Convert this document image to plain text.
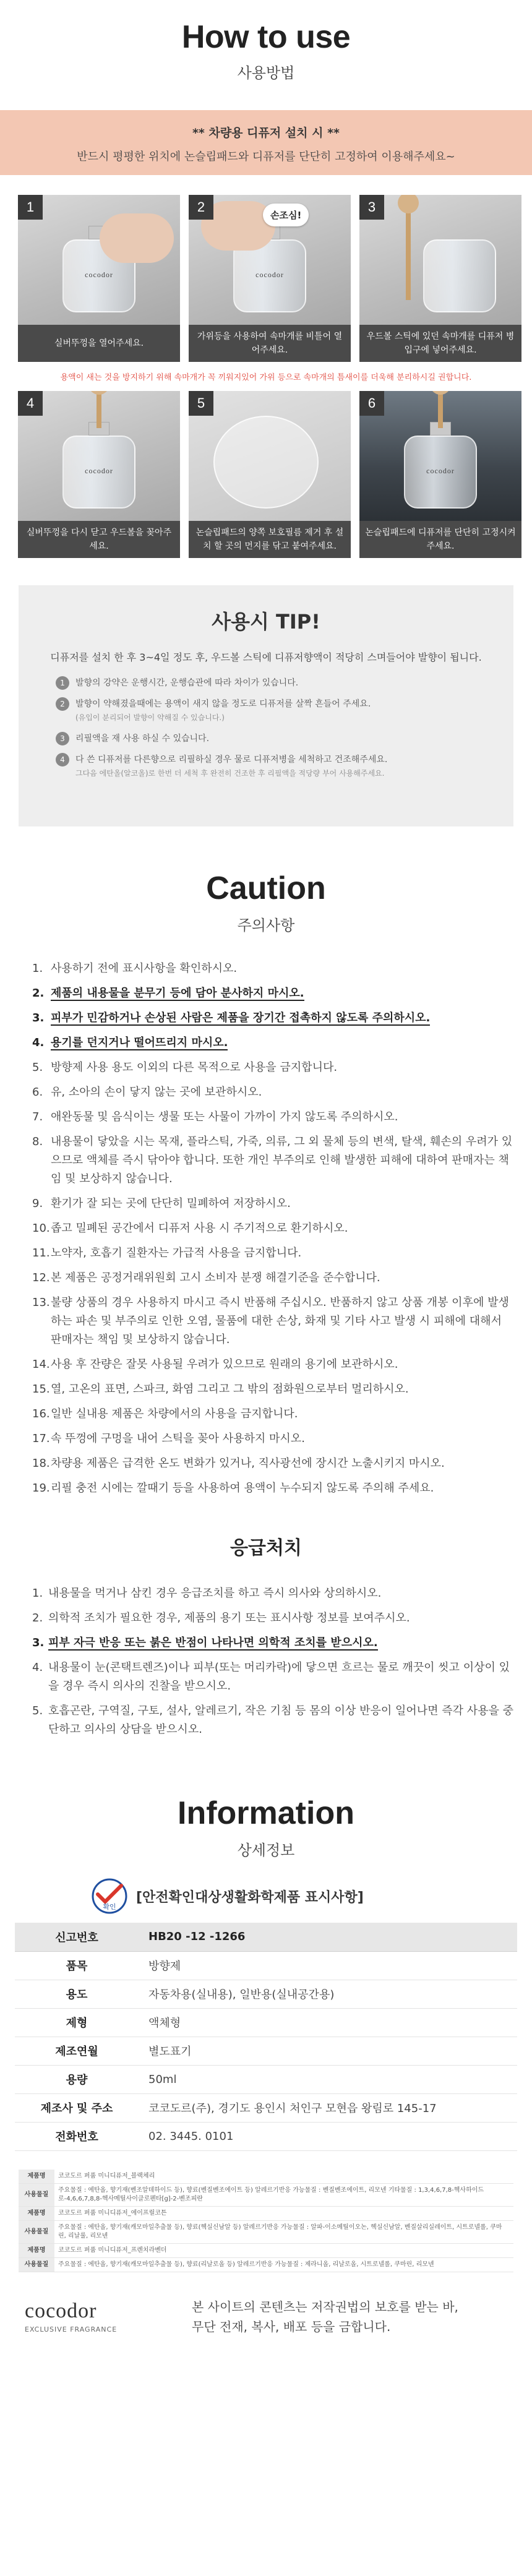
How to use
사용방법
** 차량용 디퓨저 설치 시 **
반드시 평평한 위치에 논슬립패드와 디퓨저를 단단히 고정하여 이용해주세요~
cocodor
1
실버뚜껑을 열어주세요.
cocodor
손조심!
2
가위등을 사용하여 속마개를 비틀어 열어주세요.
3
우드볼 스틱에 있던 속마개를 디퓨저 병 입구에 넣어주세요.
용액이 새는 것을 방지하기 위해 속마개가 꼭 끼워지있어 가위 등으로 속마개의 틈새이를 더욱해 분리하시길 권합니다.
cocodor
4
실버뚜껑을 다시 닫고 우드볼을 꽂아주세요.
5
논슬립패드의 양쪽 보호필름 제거 후 설치 할 곳의 먼지를 닦고 붙여주세요.
cocodor
6
논슬립패드에 디퓨저를 단단히 고정시켜주세요.
사용시 TIP!

디퓨저를 설치 한 후 3~4일 정도 후, 우드볼 스틱에 디퓨저향액이 적당히 스며들어야 발향이 됩니다.

1	발향의 강약은 운행시간, 운행습관에 따라 차이가 있습니다.
2	발향이 약해졌을때에는 용액이 새지 않을 정도로 디퓨저를 살짝 흔들어 주세요.
(유입이 분리되어 발향이 약해질 수 있습니다.)
3	리필액을 재 사용 하실 수 있습니다.
4	다 쓴 디퓨저를 다른향으로 리필하실 경우 물로 디퓨저병을 세척하고 건조해주세요.
그다음 에탄올(알코올)로 한번 더 세척 후 완전히 건조한 후 리필액을 적당량 부어 사용해주세요.
Caution
주의사항
1. 사용하기 전에 표시사항을 확인하시오.
2. 제품의 내용물을 분무기 등에 담아 분사하지 마시오.
3. 피부가 민감하거나 손상된 사람은 제품을 장기간 접촉하지 않도록 주의하시오.
4. 용기를 던지거나 떨어뜨리지 마시오.
5. 방향제 사용 용도 이외의 다른 목적으로 사용을 금지합니다.
6. 유, 소아의 손이 닿지 않는 곳에 보관하시오.
7. 애완동물 및 음식이는 생물 또는 사물이 가까이 가지 않도록 주의하시오.
8. 내용물이 닿았을 시는 목재, 플라스틱, 가죽, 의류, 그 외 물체 등의 변색, 탈색, 훼손의 우려가 있으므로 액체를 즉시 닦아야 합니다. 또한 개인 부주의로 인해 발생한 피해에 대하여 판매자는 책임 및 보상하지 않습니다.
9. 환기가 잘 되는 곳에 단단히 밀폐하여 저장하시오.
10. 좁고 밀폐된 공간에서 디퓨저 사용 시 주기적으로 환기하시오.
11. 노약자, 호흡기 질환자는 가급적 사용을 금지합니다.
12. 본 제품은 공정거래위원회 고시 소비자 분쟁 해결기준을 준수합니다.
13. 불량 상품의 경우 사용하지 마시고 즉시 반품해 주십시오. 반품하지 않고 상품 개봉 이후에 발생하는 파손 및 부주의로 인한 오염, 물품에 대한 손상, 화재 및 기타 사고 발생 시 피해에 대해서 판매자는 책임 및 보상하지 않습니다.
14. 사용 후 잔량은 잘못 사용될 우려가 있으므로 원래의 용기에 보관하시오.
15. 열, 고온의 표면, 스파크, 화염 그리고 그 밖의 점화원으로부터 멀리하시오.
16. 일반 실내용 제품은 차량에서의 사용을 금지합니다.
17. 속 뚜껑에 구멍을 내어 스틱을 꽂아 사용하지 마시오.
18. 차량용 제품은 급격한 온도 변화가 있거나, 직사광선에 장시간 노출시키지 마시오.
19. 리필 충전 시에는 깔때기 등을 사용하여 용액이 누수되지 않도록 주의해 주세요.
응급처치
1. 내용물을 먹거나 삼킨 경우 응급조치를 하고 즉시 의사와 상의하시오.
2. 의학적 조치가 필요한 경우, 제품의 용기 또는 표시사항 정보를 보여주시오.
3. 피부 자극 반응 또는 붉은 반점이 나타나면 의학적 조치를 받으시오.
4. 내용물이 눈(콘택트렌즈)이나 피부(또는 머리카락)에 닿으면 흐르는 물로 깨끗이 씻고 이상이 있을 경우 즉시 의사의 진찰을 받으시오.
5. 호흡곤란, 구역질, 구토, 설사, 알레르기, 작은 기침 등 몸의 이상 반응이 일어나면 즉각 사용을 중단하고 의사의 상담을 받으시오.
Information
상세정보
확인
[안전확인대상생활화학제품 표시사항]
신고번호	HB20 -12 -1266
품목	방향제
용도	자동차용(실내용), 일반용(실내공간용)
제형	액체형
제조연월	별도표기
용량	50ml
제조사 및 주소	코코도르(주), 경기도 용인시 처인구 모현읍 왕림로 145-17
전화번호	02. 3445. 0101
제품명	코코도르 퍼퓸 미니디퓨저_블랙체리
사용물질	주요물질 : 에탄올, 향기재(벤조알데하이드 등), 향료(벤질벤조에이트 등) 알레르기반응 가능물질 : 벤질벤조에이트, 리모넨 기타물질 : 1,3,4,6,7,8-헥사하이드로-4,6,6,7,8,8-헥사메틸사이클로펜타[g]-2-벤조피란
제품명	코코도르 퍼퓸 미니디퓨저_에이프릴코튼
사용물질	주요물질 : 에탄올, 향기재(캐모마일추출물 등), 향료(헥실신남알 등) 알레르기반응 가능물질 : 알파-이소메틸이오논, 헥실신남알, 벤질살리실레이트, 시트로넬롤, 쿠마린, 리날룰, 리모넨
제품명	코코도르 퍼퓸 미니디퓨저_프렌치라벤더
사용물질	주요물질 : 에탄올, 향기재(캐모마일추출물 등), 향료(리날로올 등) 알레르기반응 가능물질 : 제라니올, 리날로올, 시트로넬롤, 쿠마린, 리모넨
cocodor
EXCLUSIVE FRAGRANCE
본 사이트의 콘텐츠는 저작권법의 보호를 받는 바,
무단 전재, 복사, 배포 등을 금합니다.
